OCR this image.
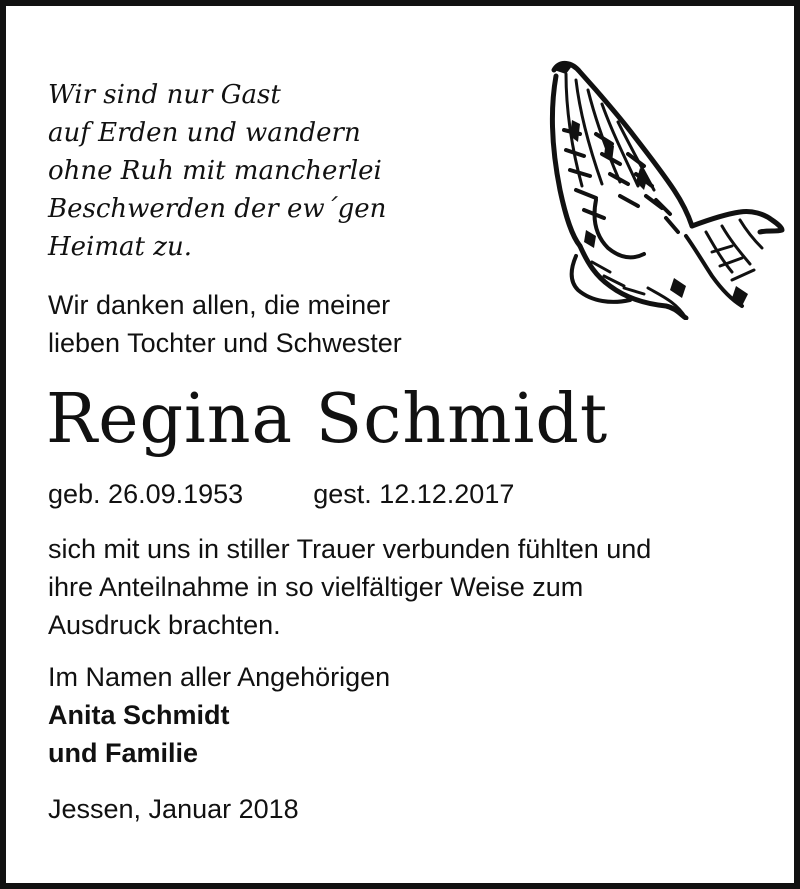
Wir sind nur Gast
auf Erden und wandern
ohne Ruh mit mancherlei
Beschwerden der ew´gen
Heimat zu.
Wir danken allen, die meiner
lieben Tochter und Schwester
Regina Schmidt
geb. 26.09.1953	gest. 12.12.2017
sich mit uns in stiller Trauer verbunden fühlten und
ihre Anteilnahme in so vielfältiger Weise zum
Ausdruck brachten.
Im Namen aller Angehörigen
Anita Schmidt
und Familie
Jessen, Januar 2018
